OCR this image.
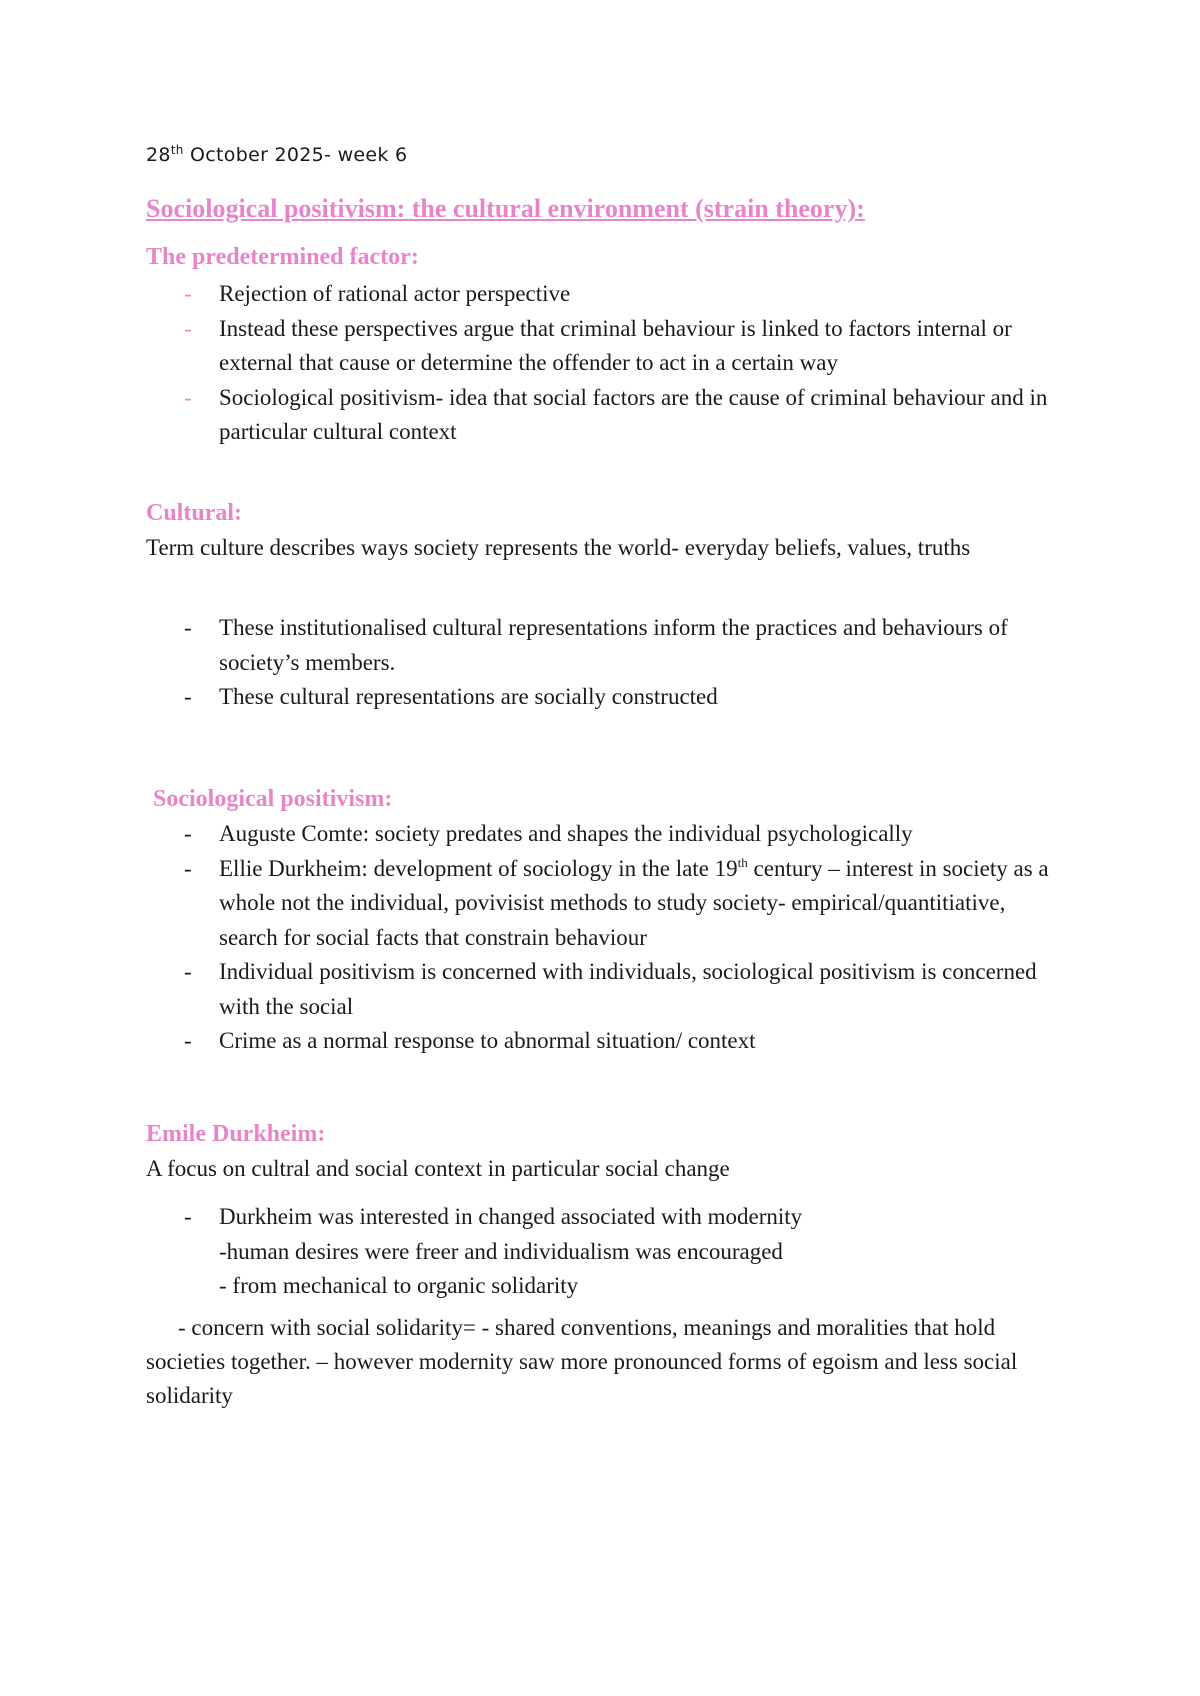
28th October 2025- week 6
Sociological positivism: the cultural environment (strain theory):
The predetermined factor:
- Rejection of rational actor perspective
- Instead these perspectives argue that criminal behaviour is linked to factors internal or external that cause or determine the offender to act in a certain way
- Sociological positivism- idea that social factors are the cause of criminal behaviour and in particular cultural context
Cultural:
Term culture describes ways society represents the world- everyday beliefs, values, truths
- These institutionalised cultural representations inform the practices and behaviours of society’s members.
- These cultural representations are socially constructed
Sociological positivism:
- Auguste Comte: society predates and shapes the individual psychologically
- Ellie Durkheim: development of sociology in the late 19th century – interest in society as a whole not the individual, povivisist methods to study society- empirical/quantitiative, search for social facts that constrain behaviour
- Individual positivism is concerned with individuals, sociological positivism is concerned with the social
- Crime as a normal response to abnormal situation/ context
Emile Durkheim:
A focus on cultral and social context in particular social change
- Durkheim was interested in changed associated with modernity
-human desires were freer and individualism was encouraged
- from mechanical to organic solidarity
- concern with social solidarity= - shared conventions, meanings and moralities that hold societies together. – however modernity saw more pronounced forms of egoism and less social solidarity
